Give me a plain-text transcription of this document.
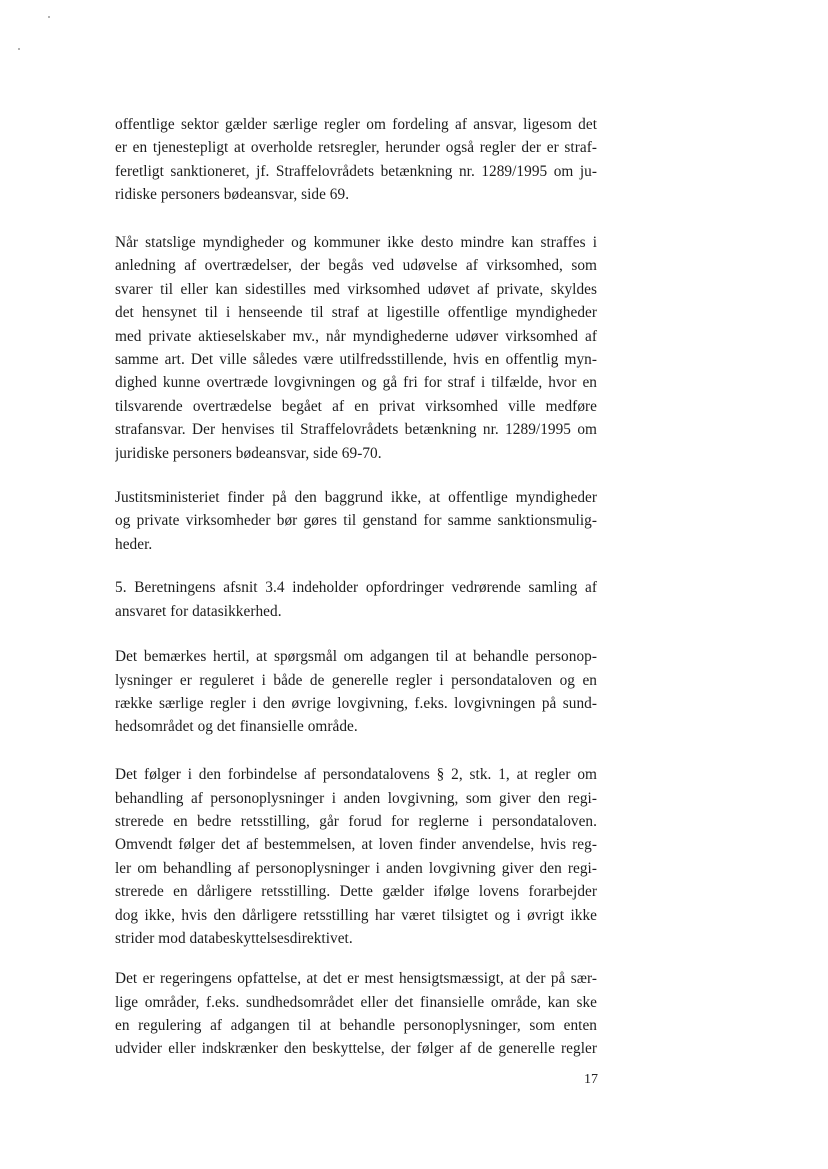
offentlige sektor gælder særlige regler om fordeling af ansvar, ligesom det
er en tjenestepligt at overholde retsregler, herunder også regler der er straf-
feretligt sanktioneret, jf. Straffelovrådets betænkning nr. 1289/1995 om ju-
ridiske personers bødeansvar, side 69.

Når statslige myndigheder og kommuner ikke desto mindre kan straffes i
anledning af overtrædelser, der begås ved udøvelse af virksomhed, som
svarer til eller kan sidestilles med virksomhed udøvet af private, skyldes
det hensynet til i henseende til straf at ligestille offentlige myndigheder
med private aktieselskaber mv., når myndighederne udøver virksomhed af
samme art. Det ville således være utilfredsstillende, hvis en offentlig myn-
dighed kunne overtræde lovgivningen og gå fri for straf i tilfælde, hvor en
tilsvarende overtrædelse begået af en privat virksomhed ville medføre
strafansvar. Der henvises til Straffelovrådets betænkning nr. 1289/1995 om
juridiske personers bødeansvar, side 69-70.

Justitsministeriet finder på den baggrund ikke, at offentlige myndigheder
og private virksomheder bør gøres til genstand for samme sanktionsmulig-
heder.

5. Beretningens afsnit 3.4 indeholder opfordringer vedrørende samling af
ansvaret for datasikkerhed.

Det bemærkes hertil, at spørgsmål om adgangen til at behandle personop-
lysninger er reguleret i både de generelle regler i persondataloven og en
række særlige regler i den øvrige lovgivning, f.eks. lovgivningen på sund-
hedsområdet og det finansielle område.

Det følger i den forbindelse af persondatalovens § 2, stk. 1, at regler om
behandling af personoplysninger i anden lovgivning, som giver den regi-
strerede en bedre retsstilling, går forud for reglerne i persondataloven.
Omvendt følger det af bestemmelsen, at loven finder anvendelse, hvis reg-
ler om behandling af personoplysninger i anden lovgivning giver den regi-
strerede en dårligere retsstilling. Dette gælder ifølge lovens forarbejder
dog ikke, hvis den dårligere retsstilling har været tilsigtet og i øvrigt ikke
strider mod databeskyttelsesdirektivet.

Det er regeringens opfattelse, at det er mest hensigtsmæssigt, at der på sær-
lige områder, f.eks. sundhedsområdet eller det finansielle område, kan ske
en regulering af adgangen til at behandle personoplysninger, som enten
udvider eller indskrænker den beskyttelse, der følger af de generelle regler

17
